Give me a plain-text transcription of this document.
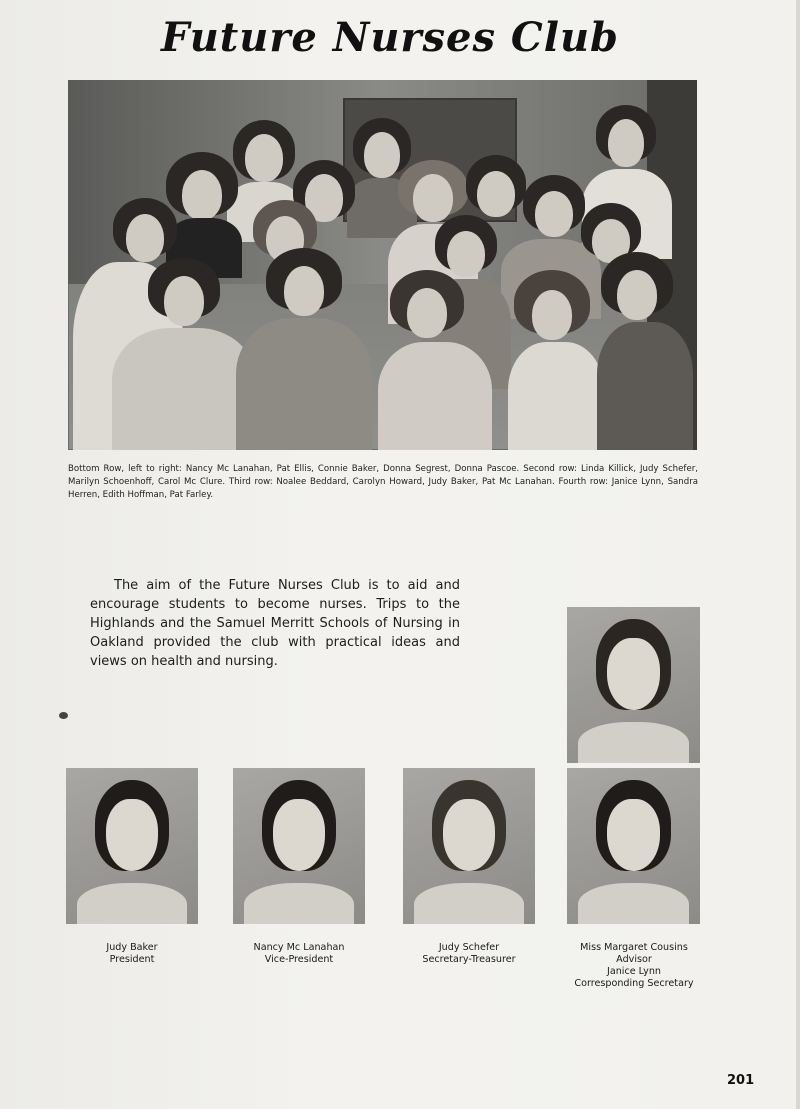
Future Nurses Club
Bottom Row, left to right: Nancy Mc Lanahan, Pat Ellis, Connie Baker, Donna Segrest, Donna Pascoe. Second row: Linda Killick, Judy Schefer, Marilyn Schoenhoff, Carol Mc Clure. Third row: Noalee Beddard, Carolyn Howard, Judy Baker, Pat Mc Lanahan. Fourth row: Janice Lynn, Sandra Herren, Edith Hoffman, Pat Farley.
The aim of the Future Nurses Club is to aid and encourage students to become nurses. Trips to the Highlands and the Samuel Merritt Schools of Nursing in Oakland provided the club with practical ideas and views on health and nursing.
Judy Baker
President
Nancy Mc Lanahan
Vice-President
Judy Schefer
Secretary-Treasurer
Miss Margaret Cousins
Advisor
Janice Lynn
Corresponding Secretary
201
